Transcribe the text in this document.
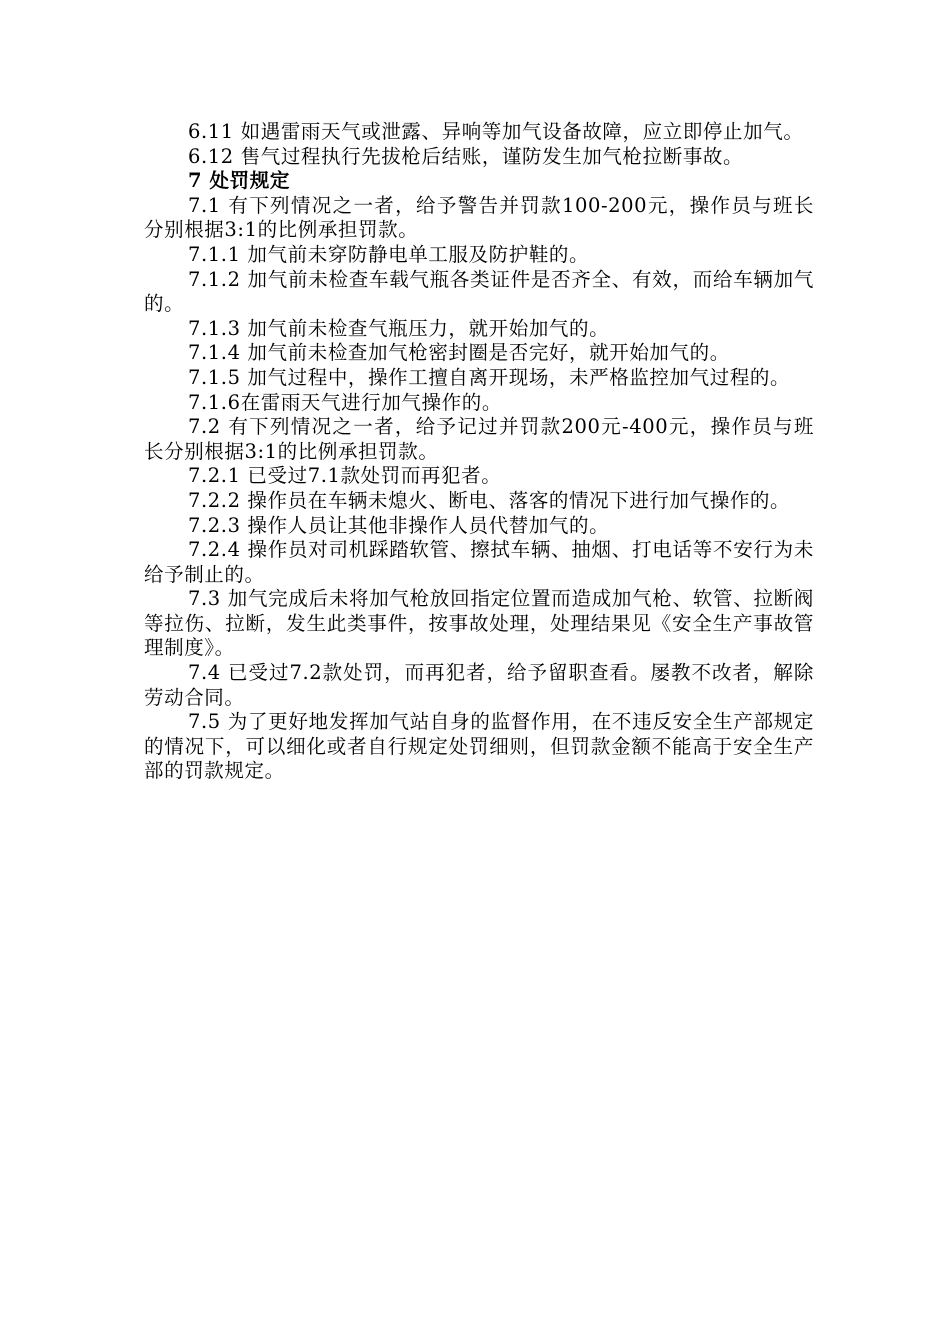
6.11 如遇雷雨天气或泄露、异响等加气设备故障，应立即停止加气。

6.12 售气过程执行先拔枪后结账，谨防发生加气枪拉断事故。

7 处罚规定

7.1 有下列情况之一者，给予警告并罚款100-200元，操作员与班长分别根据3:1的比例承担罚款。

7.1.1 加气前未穿防静电单工服及防护鞋的。

7.1.2 加气前未检查车载气瓶各类证件是否齐全、有效，而给车辆加气的。

7.1.3 加气前未检查气瓶压力，就开始加气的。

7.1.4 加气前未检查加气枪密封圈是否完好，就开始加气的。

7.1.5 加气过程中，操作工擅自离开现场，未严格监控加气过程的。

7.1.6在雷雨天气进行加气操作的。

7.2 有下列情况之一者，给予记过并罚款200元-400元，操作员与班长分别根据3:1的比例承担罚款。

7.2.1 已受过7.1款处罚而再犯者。

7.2.2 操作员在车辆未熄火、断电、落客的情况下进行加气操作的。

7.2.3 操作人员让其他非操作人员代替加气的。

7.2.4 操作员对司机踩踏软管、擦拭车辆、抽烟、打电话等不安行为未给予制止的。

7.3 加气完成后未将加气枪放回指定位置而造成加气枪、软管、拉断阀等拉伤、拉断，发生此类事件，按事故处理，处理结果见《安全生产事故管理制度》。

7.4 已受过7.2款处罚，而再犯者，给予留职查看。屡教不改者，解除劳动合同。

7.5 为了更好地发挥加气站自身的监督作用，在不违反安全生产部规定的情况下，可以细化或者自行规定处罚细则，但罚款金额不能高于安全生产部的罚款规定。
